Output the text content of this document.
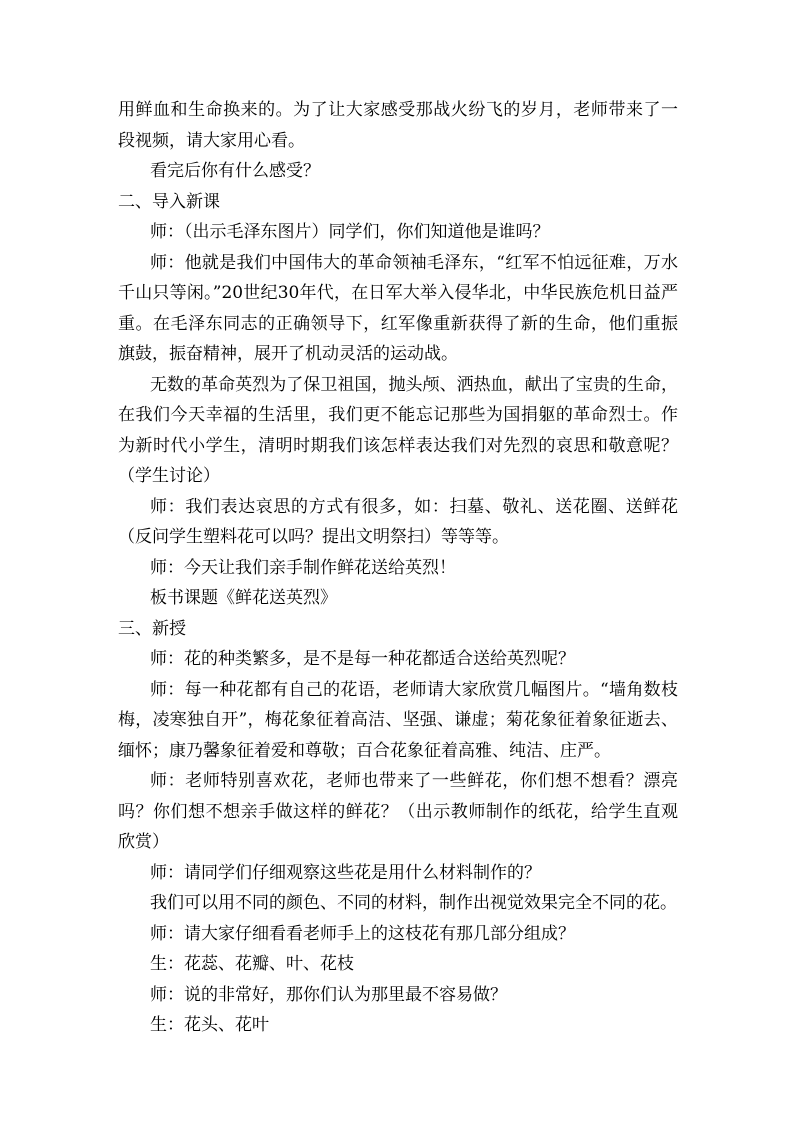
用鲜血和生命换来的。为了让大家感受那战火纷飞的岁月，老师带来了一段视频，请大家用心看。

看完后你有什么感受？

二、导入新课

师：（出示毛泽东图片）同学们，你们知道他是谁吗？

师：他就是我们中国伟大的革命领袖毛泽东，“红军不怕远征难，万水千山只等闲。”20世纪30年代，在日军大举入侵华北，中华民族危机日益严重。在毛泽东同志的正确领导下，红军像重新获得了新的生命，他们重振旗鼓，振奋精神，展开了机动灵活的运动战。

无数的革命英烈为了保卫祖国，抛头颅、洒热血，献出了宝贵的生命，在我们今天幸福的生活里，我们更不能忘记那些为国捐躯的革命烈士。作为新时代小学生，清明时期我们该怎样表达我们对先烈的哀思和敬意呢？（学生讨论）

师：我们表达哀思的方式有很多，如：扫墓、敬礼、送花圈、送鲜花（反问学生塑料花可以吗？提出文明祭扫）等等等。

师：今天让我们亲手制作鲜花送给英烈！

板书课题《鲜花送英烈》

三、新授

师：花的种类繁多，是不是每一种花都适合送给英烈呢？

师：每一种花都有自己的花语，老师请大家欣赏几幅图片。“墙角数枝梅，凌寒独自开”，梅花象征着高洁、坚强、谦虚；菊花象征着象征逝去、缅怀；康乃馨象征着爱和尊敬；百合花象征着高雅、纯洁、庄严。

师：老师特别喜欢花，老师也带来了一些鲜花，你们想不想看？漂亮吗？你们想不想亲手做这样的鲜花？（出示教师制作的纸花，给学生直观欣赏）

师：请同学们仔细观察这些花是用什么材料制作的？

我们可以用不同的颜色、不同的材料，制作出视觉效果完全不同的花。

师：请大家仔细看看老师手上的这枝花有那几部分组成？

生：花蕊、花瓣、叶、花枝

师：说的非常好，那你们认为那里最不容易做？

生：花头、花叶
